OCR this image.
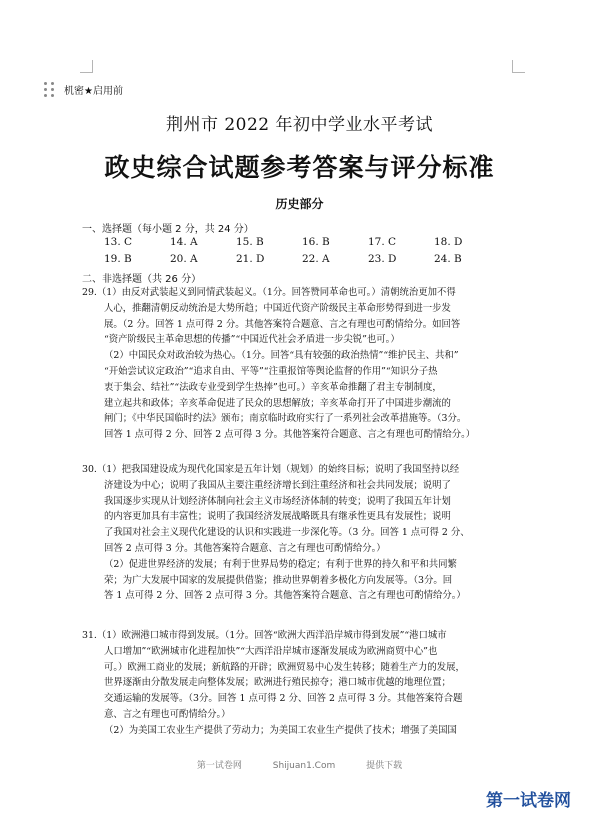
机密★启用前
荆州市 2022 年初中学业水平考试
政史综合试题参考答案与评分标准
历史部分
一、选择题（每小题 2 分，共 24 分）
13. C	14. A	15. B	16. B	17. C	18. D
19. B	20. A	21. D	22. A	23. D	24. B
二、非选择题（共 26 分）
29.（1）由反对武装起义到同情武装起义。（1分。回答赞同革命也可。）清朝统治更加不得
人心，推翻清朝反动统治是大势所趋；中国近代资产阶级民主革命形势得到进一步发
展。（2 分。回答 1 点可得 2 分。其他答案符合题意、言之有理也可酌情给分。如回答
“资产阶级民主革命思想的传播”“中国近代社会矛盾进一步尖锐”也可。）
（2）中国民众对政治较为热心。（1分。回答“具有较强的政治热情”“维护民主、共和”
“开始尝试议定政治”“追求自由、平等”“注重报馆等舆论监督的作用”“知识分子热
衷于集会、结社”“法政专业受到学生热捧”也可。）辛亥革命推翻了君主专制制度，
建立起共和政体；辛亥革命促进了民众的思想解放；辛亥革命打开了中国进步潮流的
闸门；《中华民国临时约法》颁布；南京临时政府实行了一系列社会改革措施等。（3分。
回答 1 点可得 2 分、回答 2 点可得 3 分。其他答案符合题意、言之有理也可酌情给分。）
30.（1）把我国建设成为现代化国家是五年计划（规划）的始终目标；说明了我国坚持以经
济建设为中心；说明了我国从主要注重经济增长到注重经济和社会共同发展；说明了
我国逐步实现从计划经济体制向社会主义市场经济体制的转变；说明了我国五年计划
的内容更加具有丰富性；说明了我国经济发展战略既具有继承性更具有发展性；说明
了我国对社会主义现代化建设的认识和实践进一步深化等。（3 分。回答 1 点可得 2 分、
回答 2 点可得 3 分。其他答案符合题意、言之有理也可酌情给分。）
（2）促进世界经济的发展；有利于世界局势的稳定；有利于世界的持久和平和共同繁
荣；为广大发展中国家的发展提供借鉴；推动世界朝着多极化方向发展等。（3分。回
答 1 点可得 2 分、回答 2 点可得 3 分。其他答案符合题意、言之有理也可酌情给分。）
31.（1）欧洲港口城市得到发展。（1分。回答“欧洲大西洋沿岸城市得到发展”“港口城市
人口增加”“欧洲城市化进程加快”“大西洋沿岸城市逐渐发展成为欧洲商贸中心”也
可。）欧洲工商业的发展；新航路的开辟；欧洲贸易中心发生转移；随着生产力的发展，
世界逐渐由分散发展走向整体发展；欧洲进行殖民掠夺；港口城市优越的地理位置；
交通运输的发展等。（3分。回答 1 点可得 2 分、回答 2 点可得 3 分。其他答案符合题
意、言之有理也可酌情给分。）
（2）为美国工农业生产提供了劳动力；为美国工农业生产提供了技术；增强了美国国
第一试卷网	Shijuan1.Com	提供下载
第一试卷网
